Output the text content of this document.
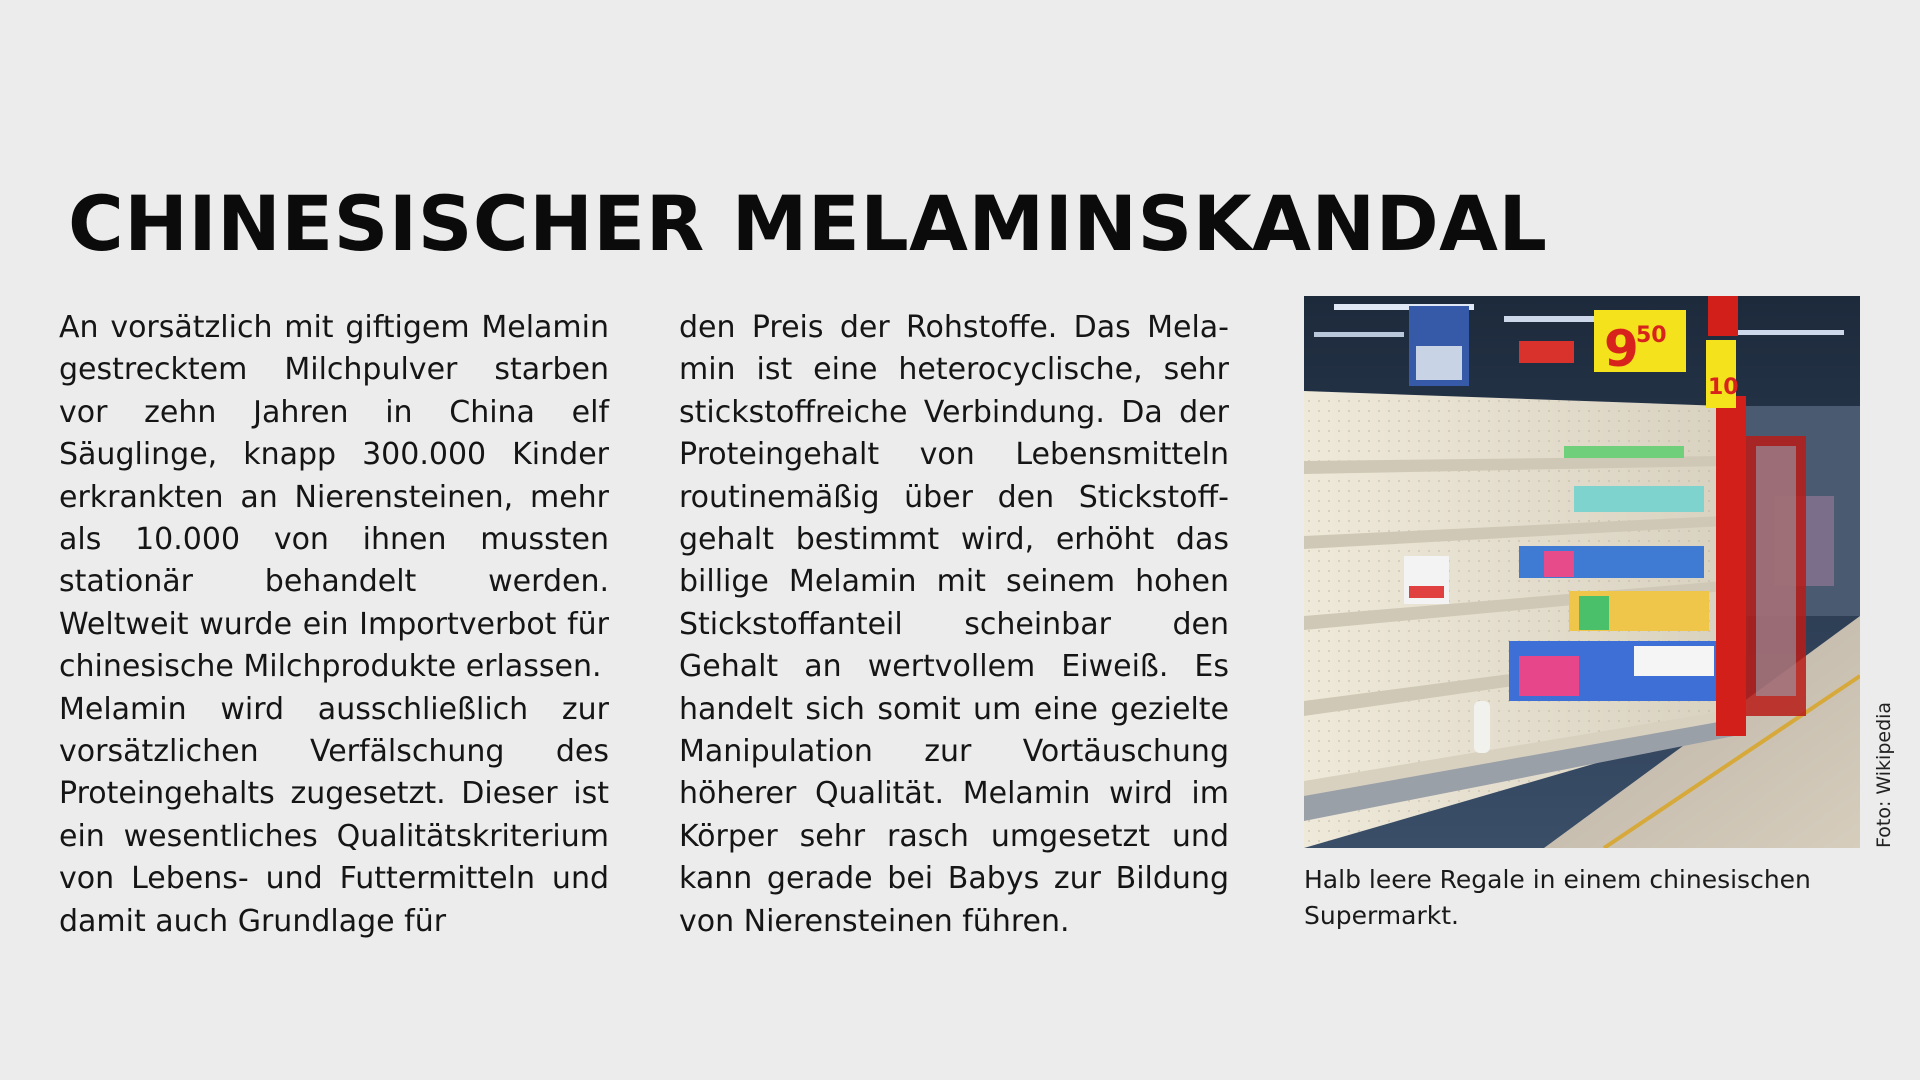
CHINESISCHER MELAMINSKANDAL

An vorsätzlich mit giftigem Melamin gestrecktem Milchpulver starben vor zehn Jahren in China elf Säuglinge, knapp 300.000 Kinder erkrankten an Nierensteinen, mehr als 10.000 von ihnen mussten stationär behandelt werden. Weltweit wurde ein Importverbot für chinesische Milchprodukte erlassen.

Melamin wird ausschließlich zur vorsätzlichen Verfälschung des Proteingehalts zugesetzt. Dieser ist ein wesentliches Qualitätskriterium von Lebens- und Futtermitteln und damit auch Grundlage für

den Preis der Rohstoffe. Das Melamin ist eine heterocyclische, sehr stickstoffreiche Verbindung. Da der Proteingehalt von Lebensmitteln routinemäßig über den Stickstoffgehalt bestimmt wird, erhöht das billige Melamin mit seinem hohen Stickstoffanteil scheinbar den Gehalt an wertvollem Eiweiß. Es handelt sich somit um eine gezielte Manipulation zur Vortäuschung höherer Qualität. Melamin wird im Körper sehr rasch umgesetzt und kann gerade bei Babys zur Bildung von Nierensteinen führen.

9
50
10
Halb leere Regale in einem chinesischen Supermarkt.
Foto: Wikipedia
